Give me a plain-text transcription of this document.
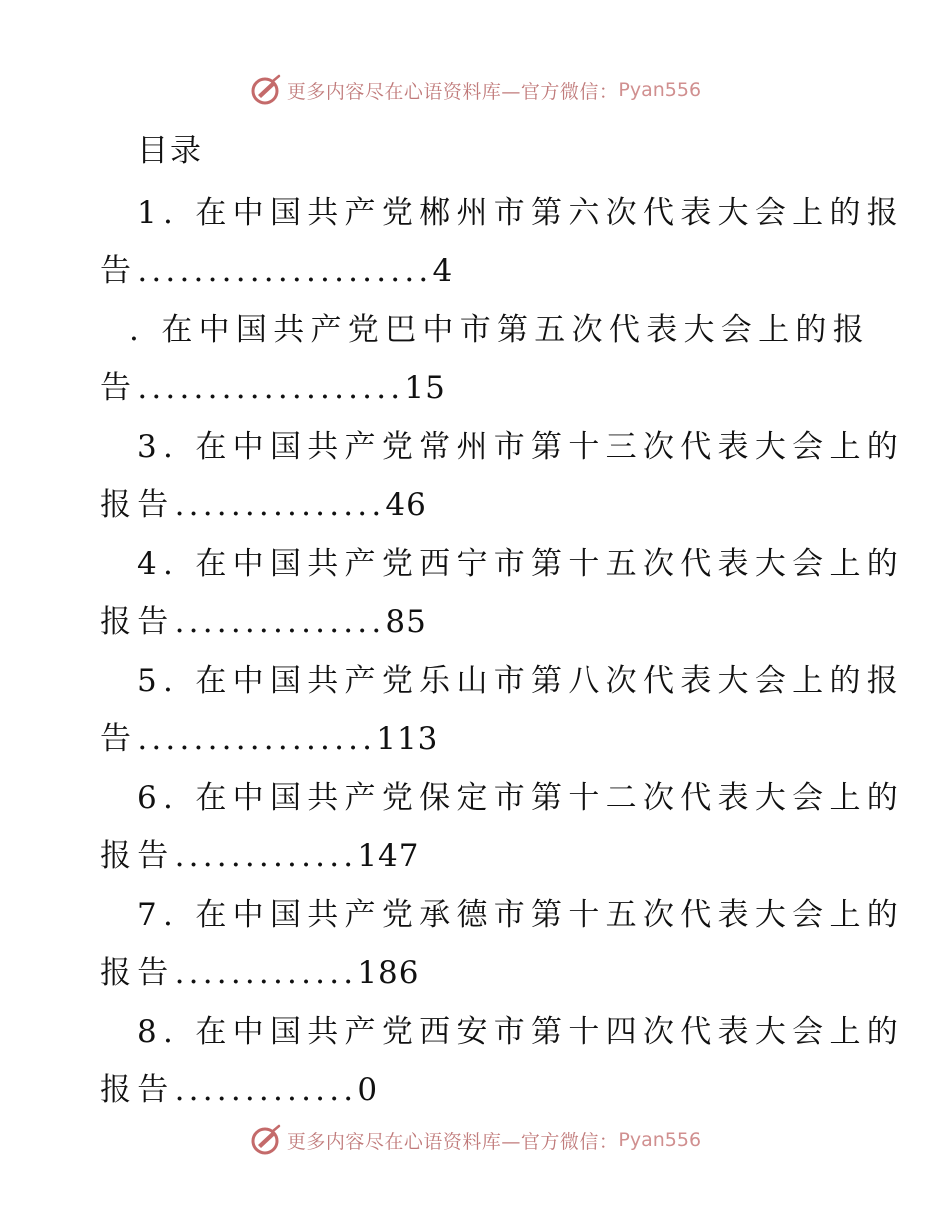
更多内容尽在心语资料库—官方微信： Pyan556
目录
1. 在中国共产党郴州市第六次代表大会上的报
告.....................4
. 在中国共产党巴中市第五次代表大会上的报
告...................15
3. 在中国共产党常州市第十三次代表大会上的
报告...............46
4. 在中国共产党西宁市第十五次代表大会上的
报告...............85
5. 在中国共产党乐山市第八次代表大会上的报
告.................113
6. 在中国共产党保定市第十二次代表大会上的
报告.............147
7. 在中国共产党承德市第十五次代表大会上的
报告.............186
8. 在中国共产党西安市第十四次代表大会上的
报告.............0
更多内容尽在心语资料库—官方微信： Pyan556
